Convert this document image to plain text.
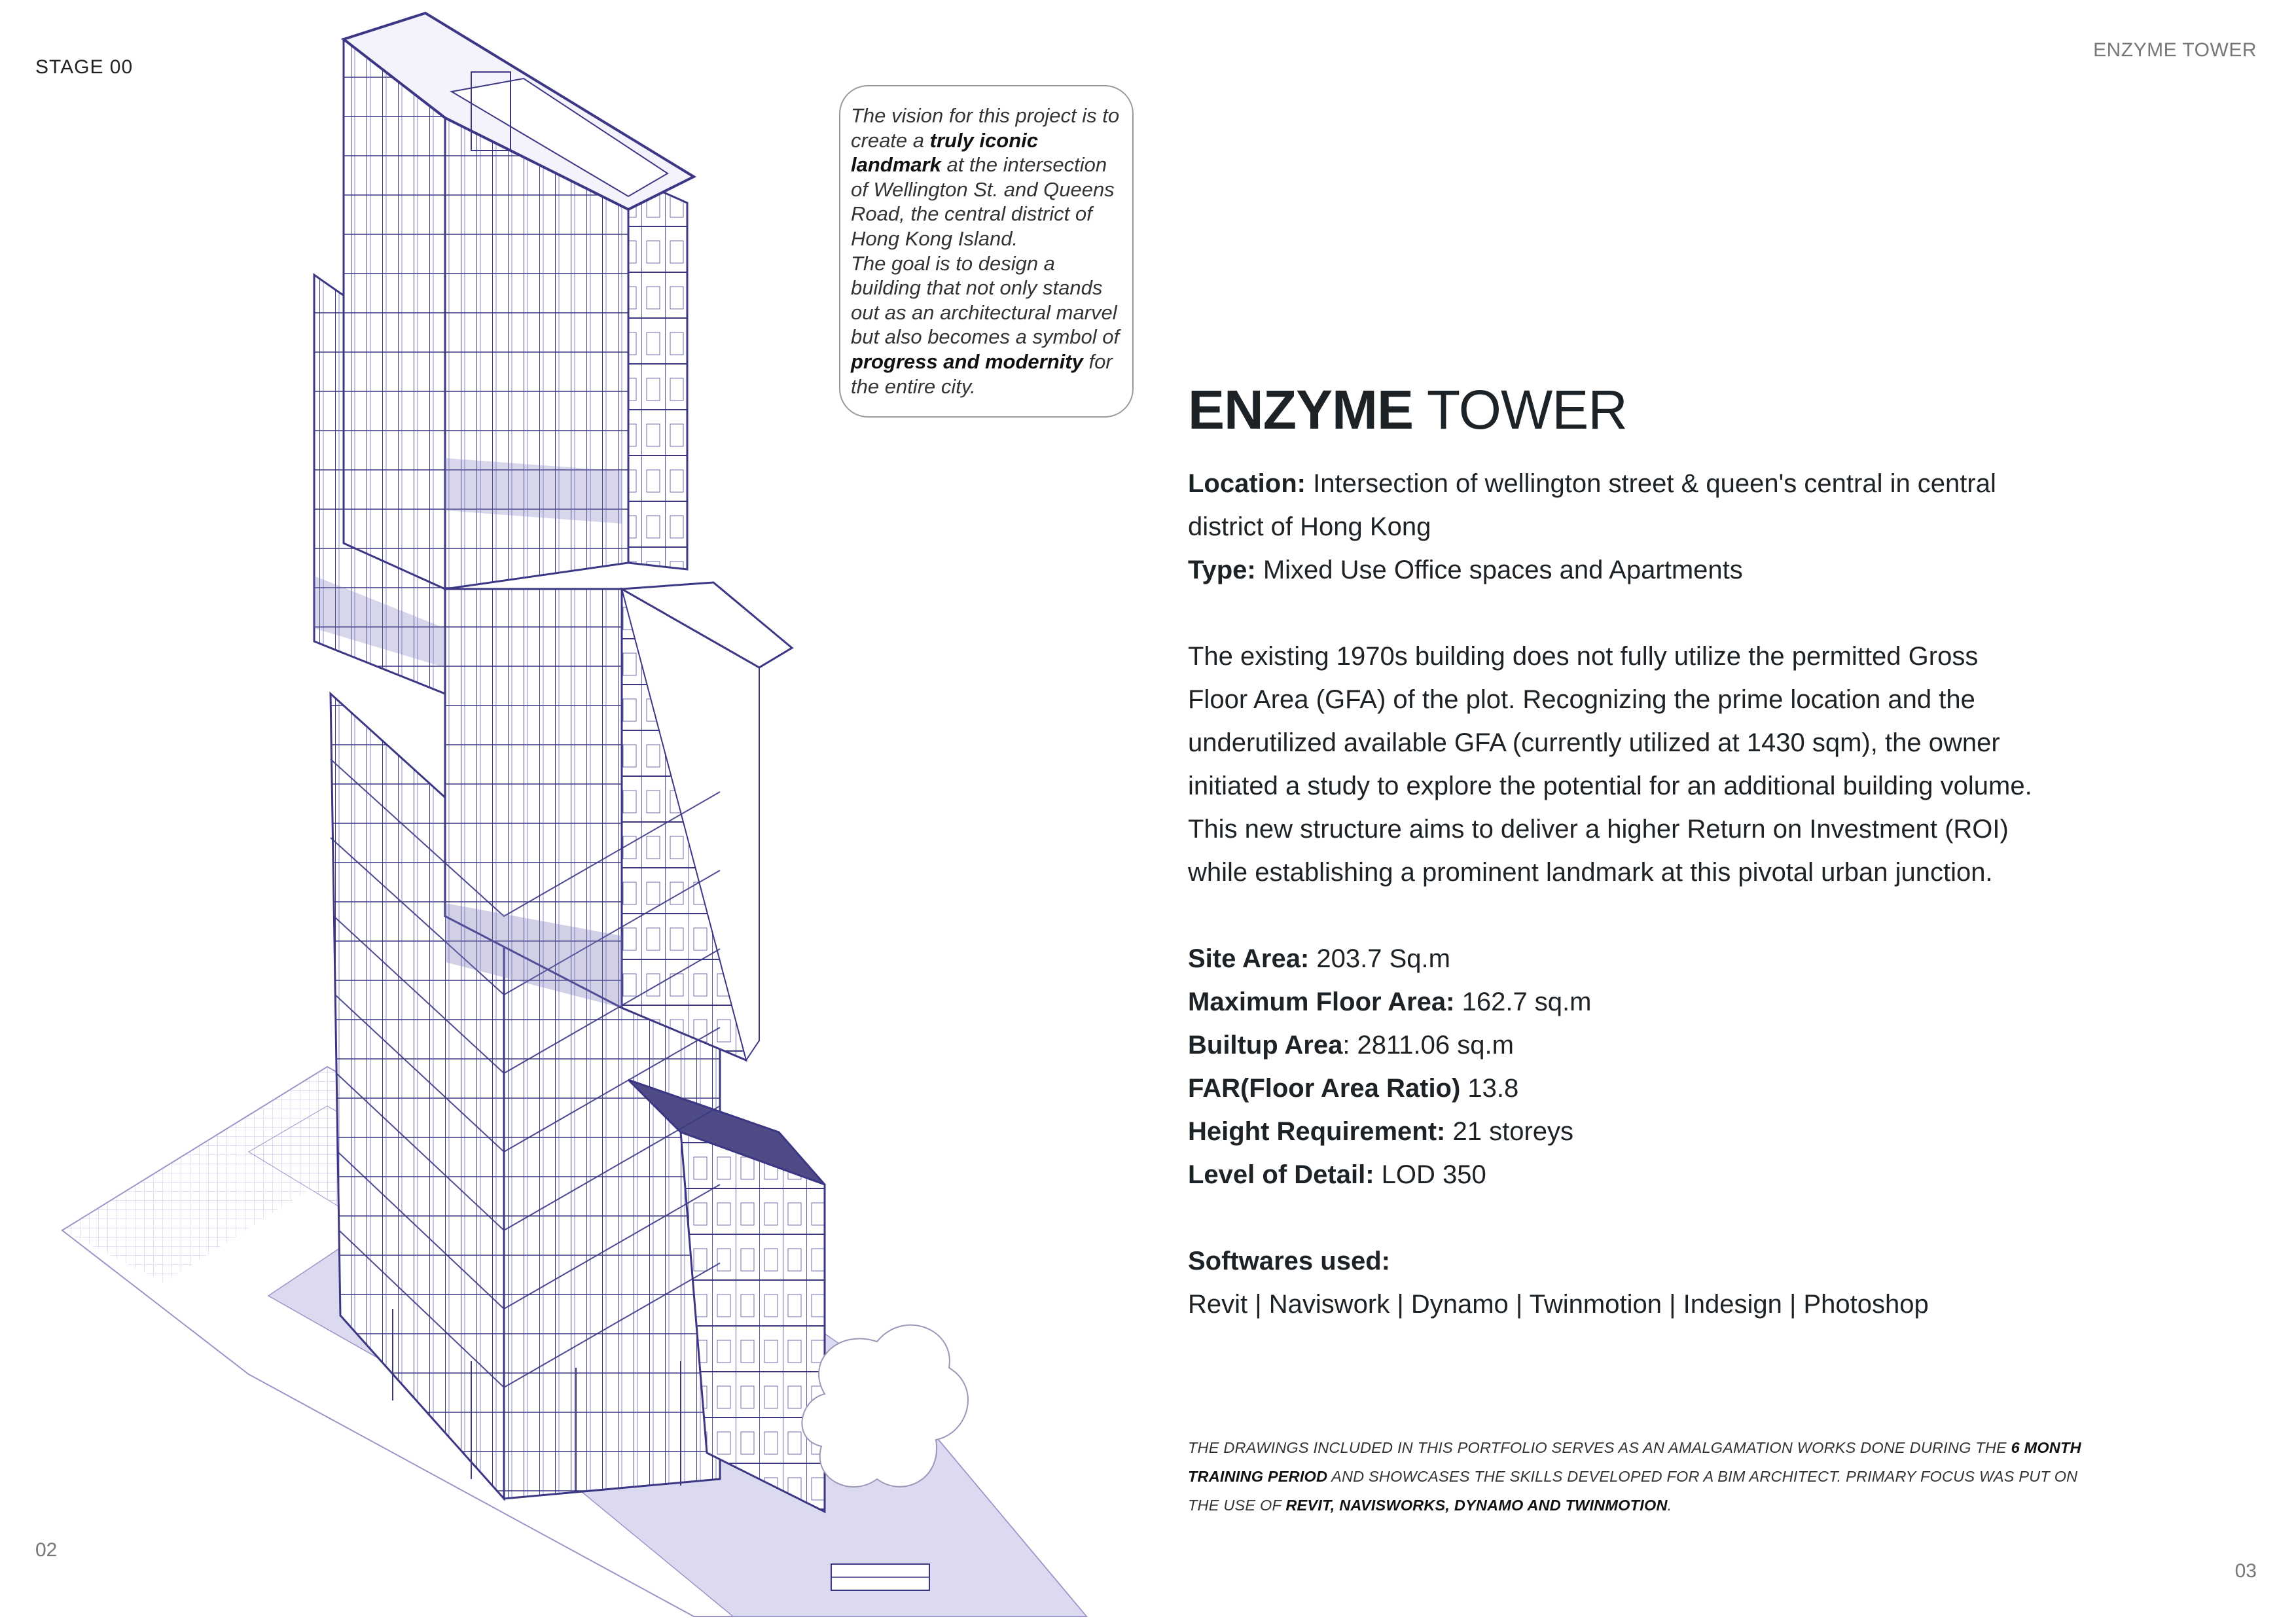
STAGE 00
ENZYME TOWER
02
03
The vision for this project is to create a truly iconic landmark at the intersection of Wellington St. and Queens Road, the central district of Hong Kong Island.
The goal is to design a building that not only stands out as an architectural marvel but also becomes a symbol of progress and modernity for the entire city.	ENZYME TOWER
Location: Intersection of wellington street & queen's central in central district of Hong Kong
Type: Mixed Use Office spaces and Apartments
The existing 1970s building does not fully utilize the permitted Gross Floor Area (GFA) of the plot. Recognizing the prime location and the underutilized available GFA (currently utilized at 1430 sqm), the owner initiated a study to explore the potential for an additional building volume. This new structure aims to deliver a higher Return on Investment (ROI) while establishing a prominent landmark at this pivotal urban junction.
Site Area: 203.7 Sq.m
Maximum Floor Area: 162.7 sq.m
Builtup Area: 2811.06 sq.m
FAR(Floor Area Ratio) 13.8
Height Requirement: 21 storeys
Level of Detail: LOD 350
Softwares used:
Revit | Naviswork | Dynamo | Twinmotion | Indesign | Photoshop
THE DRAWINGS INCLUDED IN THIS PORTFOLIO SERVES AS AN AMALGAMATION WORKS DONE DURING THE 6 MONTH TRAINING PERIOD AND SHOWCASES THE SKILLS DEVELOPED FOR A BIM ARCHITECT. PRIMARY FOCUS WAS PUT ON THE USE OF REVIT, NAVISWORKS, DYNAMO AND TWINMOTION.
